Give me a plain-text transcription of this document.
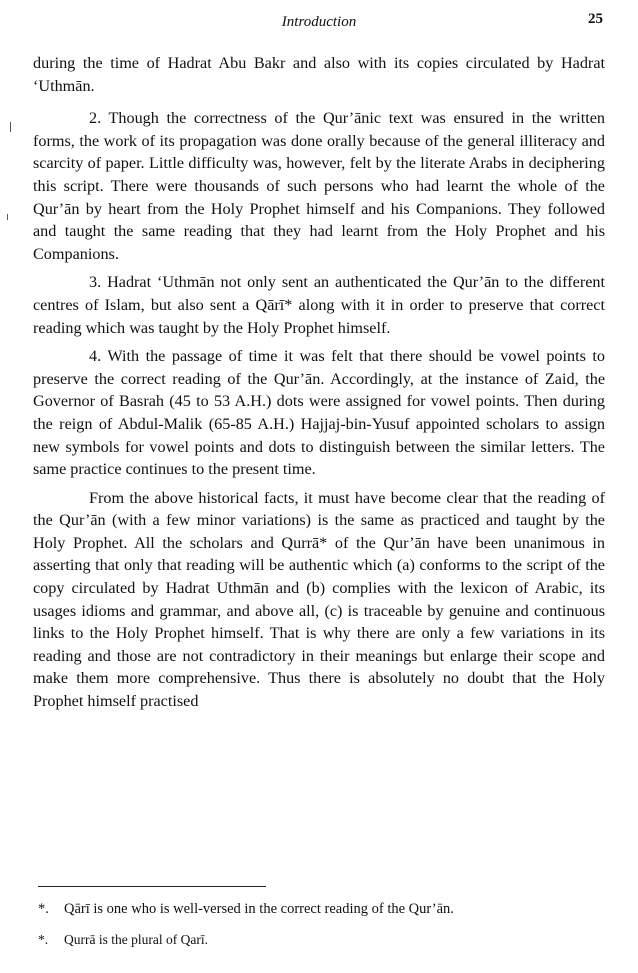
Introduction	25

during the time of Hadrat Abu Bakr and also with its copies circulated by Hadrat ‘Uthmān.

2. Though the correctness of the Qur’ānic text was ensured in the written forms, the work of its propagation was done orally because of the general illiteracy and scarcity of paper. Little difficulty was, however, felt by the literate Arabs in deciphering this script. There were thousands of such persons who had learnt the whole of the Qur’ān by heart from the Holy Prophet himself and his Companions. They followed and taught the same reading that they had learnt from the Holy Prophet and his Companions.

3. Hadrat ‘Uthmān not only sent an authenticated the Qur’ān to the different centres of Islam, but also sent a Qārī* along with it in order to preserve that correct reading which was taught by the Holy Prophet himself.

4. With the passage of time it was felt that there should be vowel points to preserve the correct reading of the Qur’ān. Accordingly, at the instance of Zaid, the Governor of Basrah (45 to 53 A.H.) dots were assigned for vowel points. Then during the reign of Abdul-Malik (65-85 A.H.) Hajjaj-bin-Yusuf appointed scholars to assign new symbols for vowel points and dots to distinguish between the similar letters. The same practice continues to the present time.

From the above historical facts, it must have become clear that the reading of the Qur’ān (with a few minor variations) is the same as practiced and taught by the Holy Prophet. All the scholars and Qurrā* of the Qur’ān have been unanimous in asserting that only that reading will be authentic which (a) conforms to the script of the copy circulated by Hadrat Uthmān and (b) complies with the lexicon of Arabic, its usages idioms and grammar, and above all, (c) is traceable by genuine and continuous links to the Holy Prophet himself. That is why there are only a few variations in its reading and those are not contradictory in their meanings but enlarge their scope and make them more comprehensive. Thus there is absolutely no doubt that the Holy Prophet himself practised

*. Qārī is one who is well-versed in the correct reading of the Qur’ān.
*. Qurrā is the plural of Qarī.
